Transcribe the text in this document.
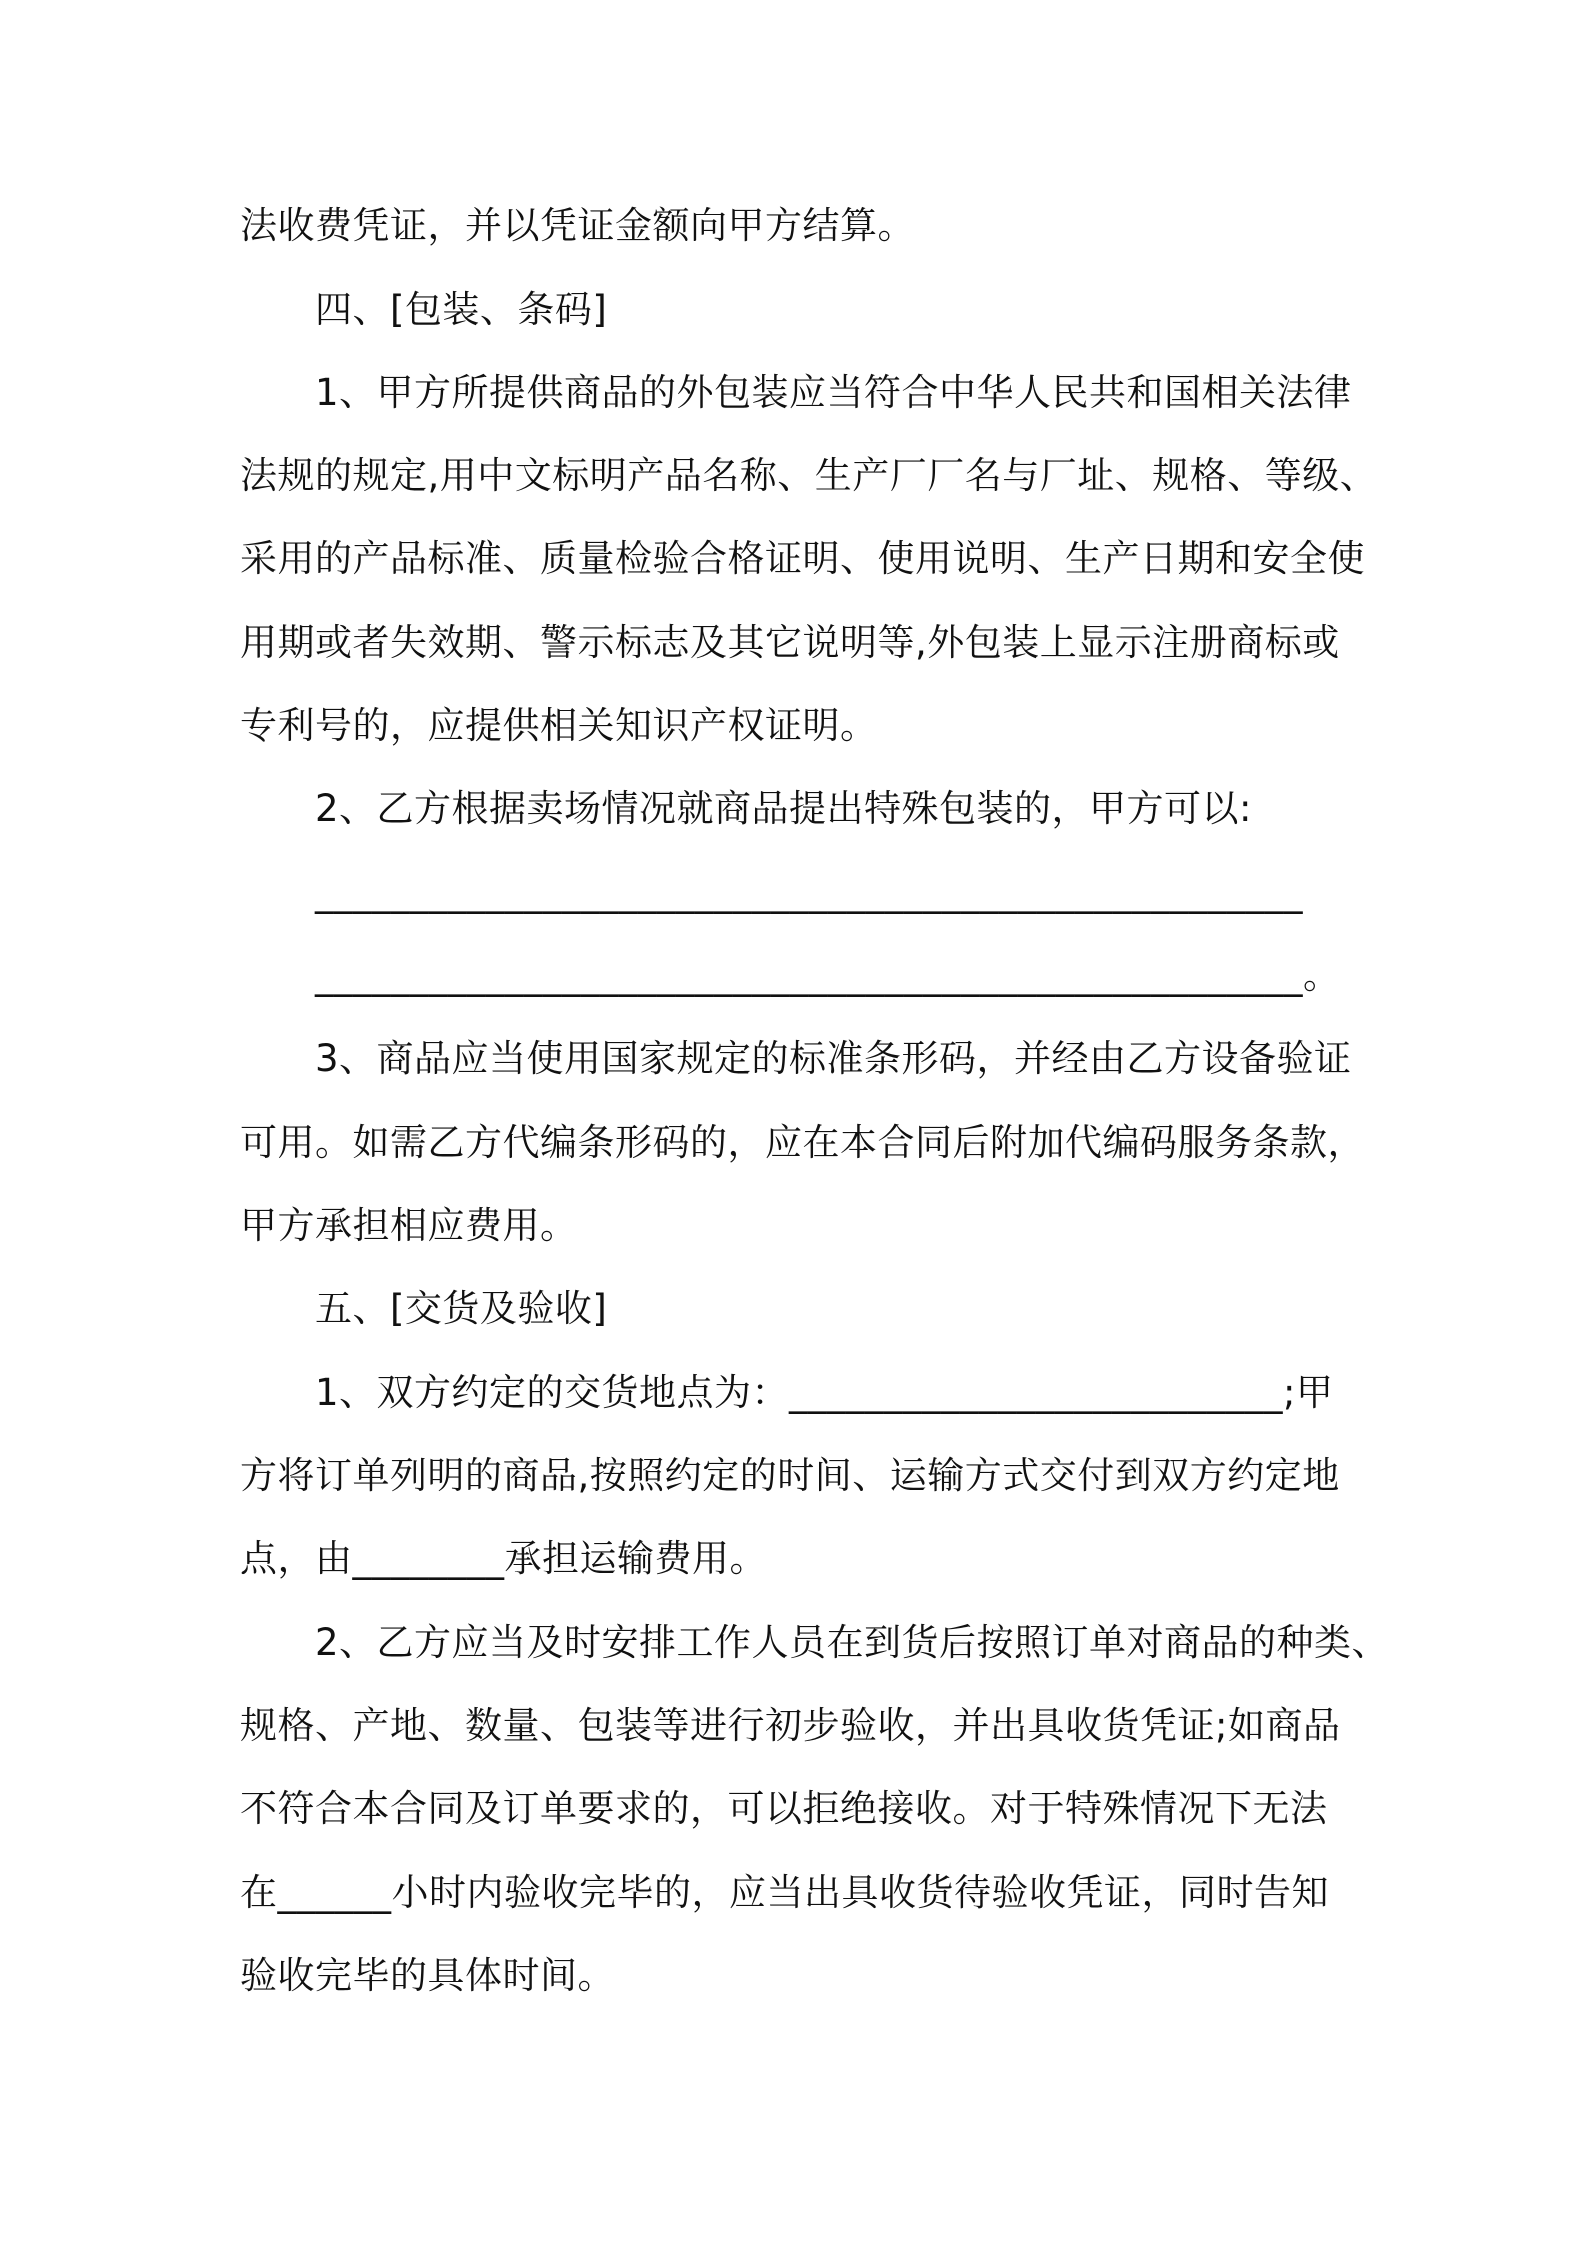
法收费凭证，并以凭证金额向甲方结算。
四、[包装、条码]
1、甲方所提供商品的外包装应当符合中华人民共和国相关法律
法规的规定,用中文标明产品名称、生产厂厂名与厂址、规格、等级、
采用的产品标准、质量检验合格证明、使用说明、生产日期和安全使
用期或者失效期、警示标志及其它说明等,外包装上显示注册商标或
专利号的，应提供相关知识产权证明。
2、乙方根据卖场情况就商品提出特殊包装的，甲方可以:
____________________________________________________
____________________________________________________。
3、商品应当使用国家规定的标准条形码，并经由乙方设备验证
可用。如需乙方代编条形码的，应在本合同后附加代编码服务条款，
甲方承担相应费用。
五、[交货及验收]
1、双方约定的交货地点为：__________________________;甲
方将订单列明的商品,按照约定的时间、运输方式交付到双方约定地
点，由________承担运输费用。
2、乙方应当及时安排工作人员在到货后按照订单对商品的种类、
规格、产地、数量、包装等进行初步验收，并出具收货凭证;如商品
不符合本合同及订单要求的，可以拒绝接收。对于特殊情况下无法
在______小时内验收完毕的，应当出具收货待验收凭证，同时告知
验收完毕的具体时间。
